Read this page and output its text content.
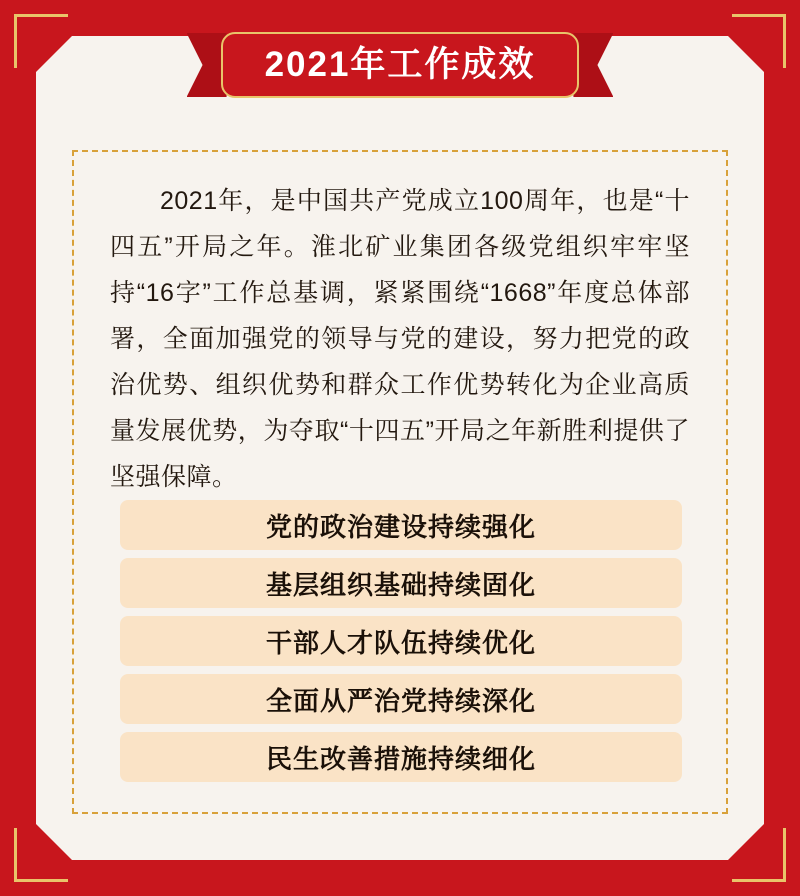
2021年工作成效
2021年，是中国共产党成立100周年，也是“十四五”开局之年。淮北矿业集团各级党组织牢牢坚持“16字”工作总基调，紧紧围绕“1668”年度总体部署，全面加强党的领导与党的建设，努力把党的政治优势、组织优势和群众工作优势转化为企业高质量发展优势，为夺取“十四五”开局之年新胜利提供了坚强保障。
党的政治建设持续强化
基层组织基础持续固化
干部人才队伍持续优化
全面从严治党持续深化
民生改善措施持续细化
